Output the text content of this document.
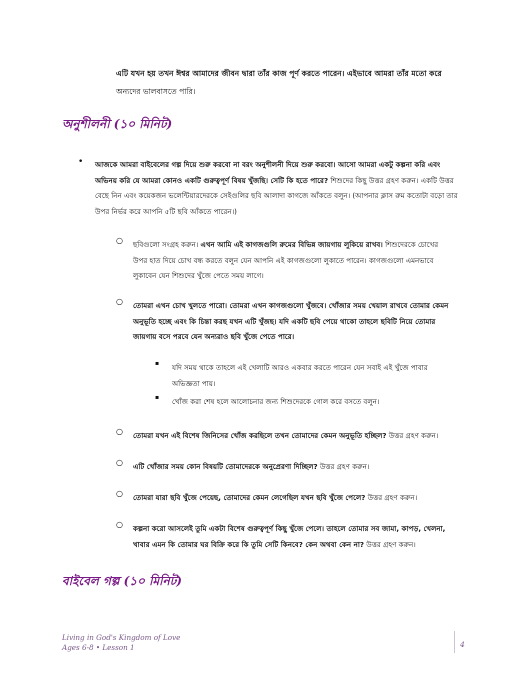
এটি যখন হয় তখন ঈশ্বর আমাদের জীবন দ্বারা তাঁর কাজ পূর্ণ করতে পারেন। এইভাবে আমরা তাঁর মতো করে
অন্যদের ভালবাসতে পারি।
অনুশীলনী (১০ মিনিট)
• আজকে আমরা বাইবেলের গল্প দিয়ে শুরু করবো না বরং অনুশীলনী দিয়ে শুরু করবো। আসো আমরা একটু কল্পনা করি এবং অভিনয় করি যে আমরা কোনও একটি গুরুত্বপূর্ণ বিষয় খুঁজছি। সেটি কি হতে পারে? শিশুদের কিছু উত্তর গ্রহণ করুন। একটি উত্তর বেছে নিন এবং কয়েকজন ভলেন্টিয়ারদেরকে সেইগুলির ছবি আলাদা কাগজে আঁকতে বলুন। (আপনার ক্লাস রুম কতোটা বড়ো তার উপর নির্ভর করে আপনি ৫টি ছবি আঁকতে পারেন।)
○ ছবিগুলো সংগ্রহ করুন। এখন আমি এই কাগজগুলি রুমের বিভিন্ন জায়গায় লুকিয়ে রাখব। শিশুদেরকে চোখের উপর হাত দিয়ে চোখ বন্ধ করতে বলুন যেন আপনি এই কাগজগুলো লুকাতে পারেন। কাগজগুলো এমনভাবে লুকাবেন যেন শিশুদের খুঁজে পেতে সময় লাগে।
○ তোমরা এখন চোখ খুলতে পারো। তোমরা এখন কাগজগুলো খুঁজবে। খোঁজার সময় খেয়াল রাখবে তোমার কেমন অনুভূতি হচ্ছে এবং কি চিন্তা করছ যখন এটি খুঁজছ। যদি একটি ছবি পেয়ে থাকো তাহলে ছবিটি নিয়ে তোমার জায়গায় বসে পরবে যেন অন্যরাও ছবি খুঁজে পেতে পারে।
▪ যদি সময় থাকে তাহলে এই খেলাটি আরও একবার করতে পারেন যেন সবাই এই খুঁজে পাবার অভিজ্ঞতা পায়।
▪ খোঁজ করা শেষ হলে আলোচনার জন্য শিশুদেরকে গোল করে বসতে বলুন।
○ তোমরা যখন এই বিশেষ জিনিসের খোঁজ করছিলে তখন তোমাদের কেমন অনুভূতি হচ্ছিল? উত্তর গ্রহণ করুন।
○ এটি খোঁজার সময় কোন বিষয়টি তোমাদেরকে অনুপ্রেরণা দিচ্ছিল? উত্তর গ্রহণ করুন।
○ তোমরা যারা ছবি খুঁজে পেয়েছ, তোমাদের কেমন লেগেছিল যখন ছবি খুঁজে পেলে? উত্তর গ্রহণ করুন।
○ কল্পনা করো আসলেই তুমি একটা বিশেষ গুরুত্বপূর্ণ কিছু খুঁজে পেলে। তাহলে তোমার সব জামা, কাপড়, খেলনা, খাবার এমন কি তোমার ঘর বিক্রি করে কি তুমি সেটি কিনবে? কেন অথবা কেন না? উত্তর গ্রহণ করুন।
বাইবেল গল্প (১০ মিনিট)
Living in God's Kingdom of Love
Ages 6-8 • Lesson 1	4
